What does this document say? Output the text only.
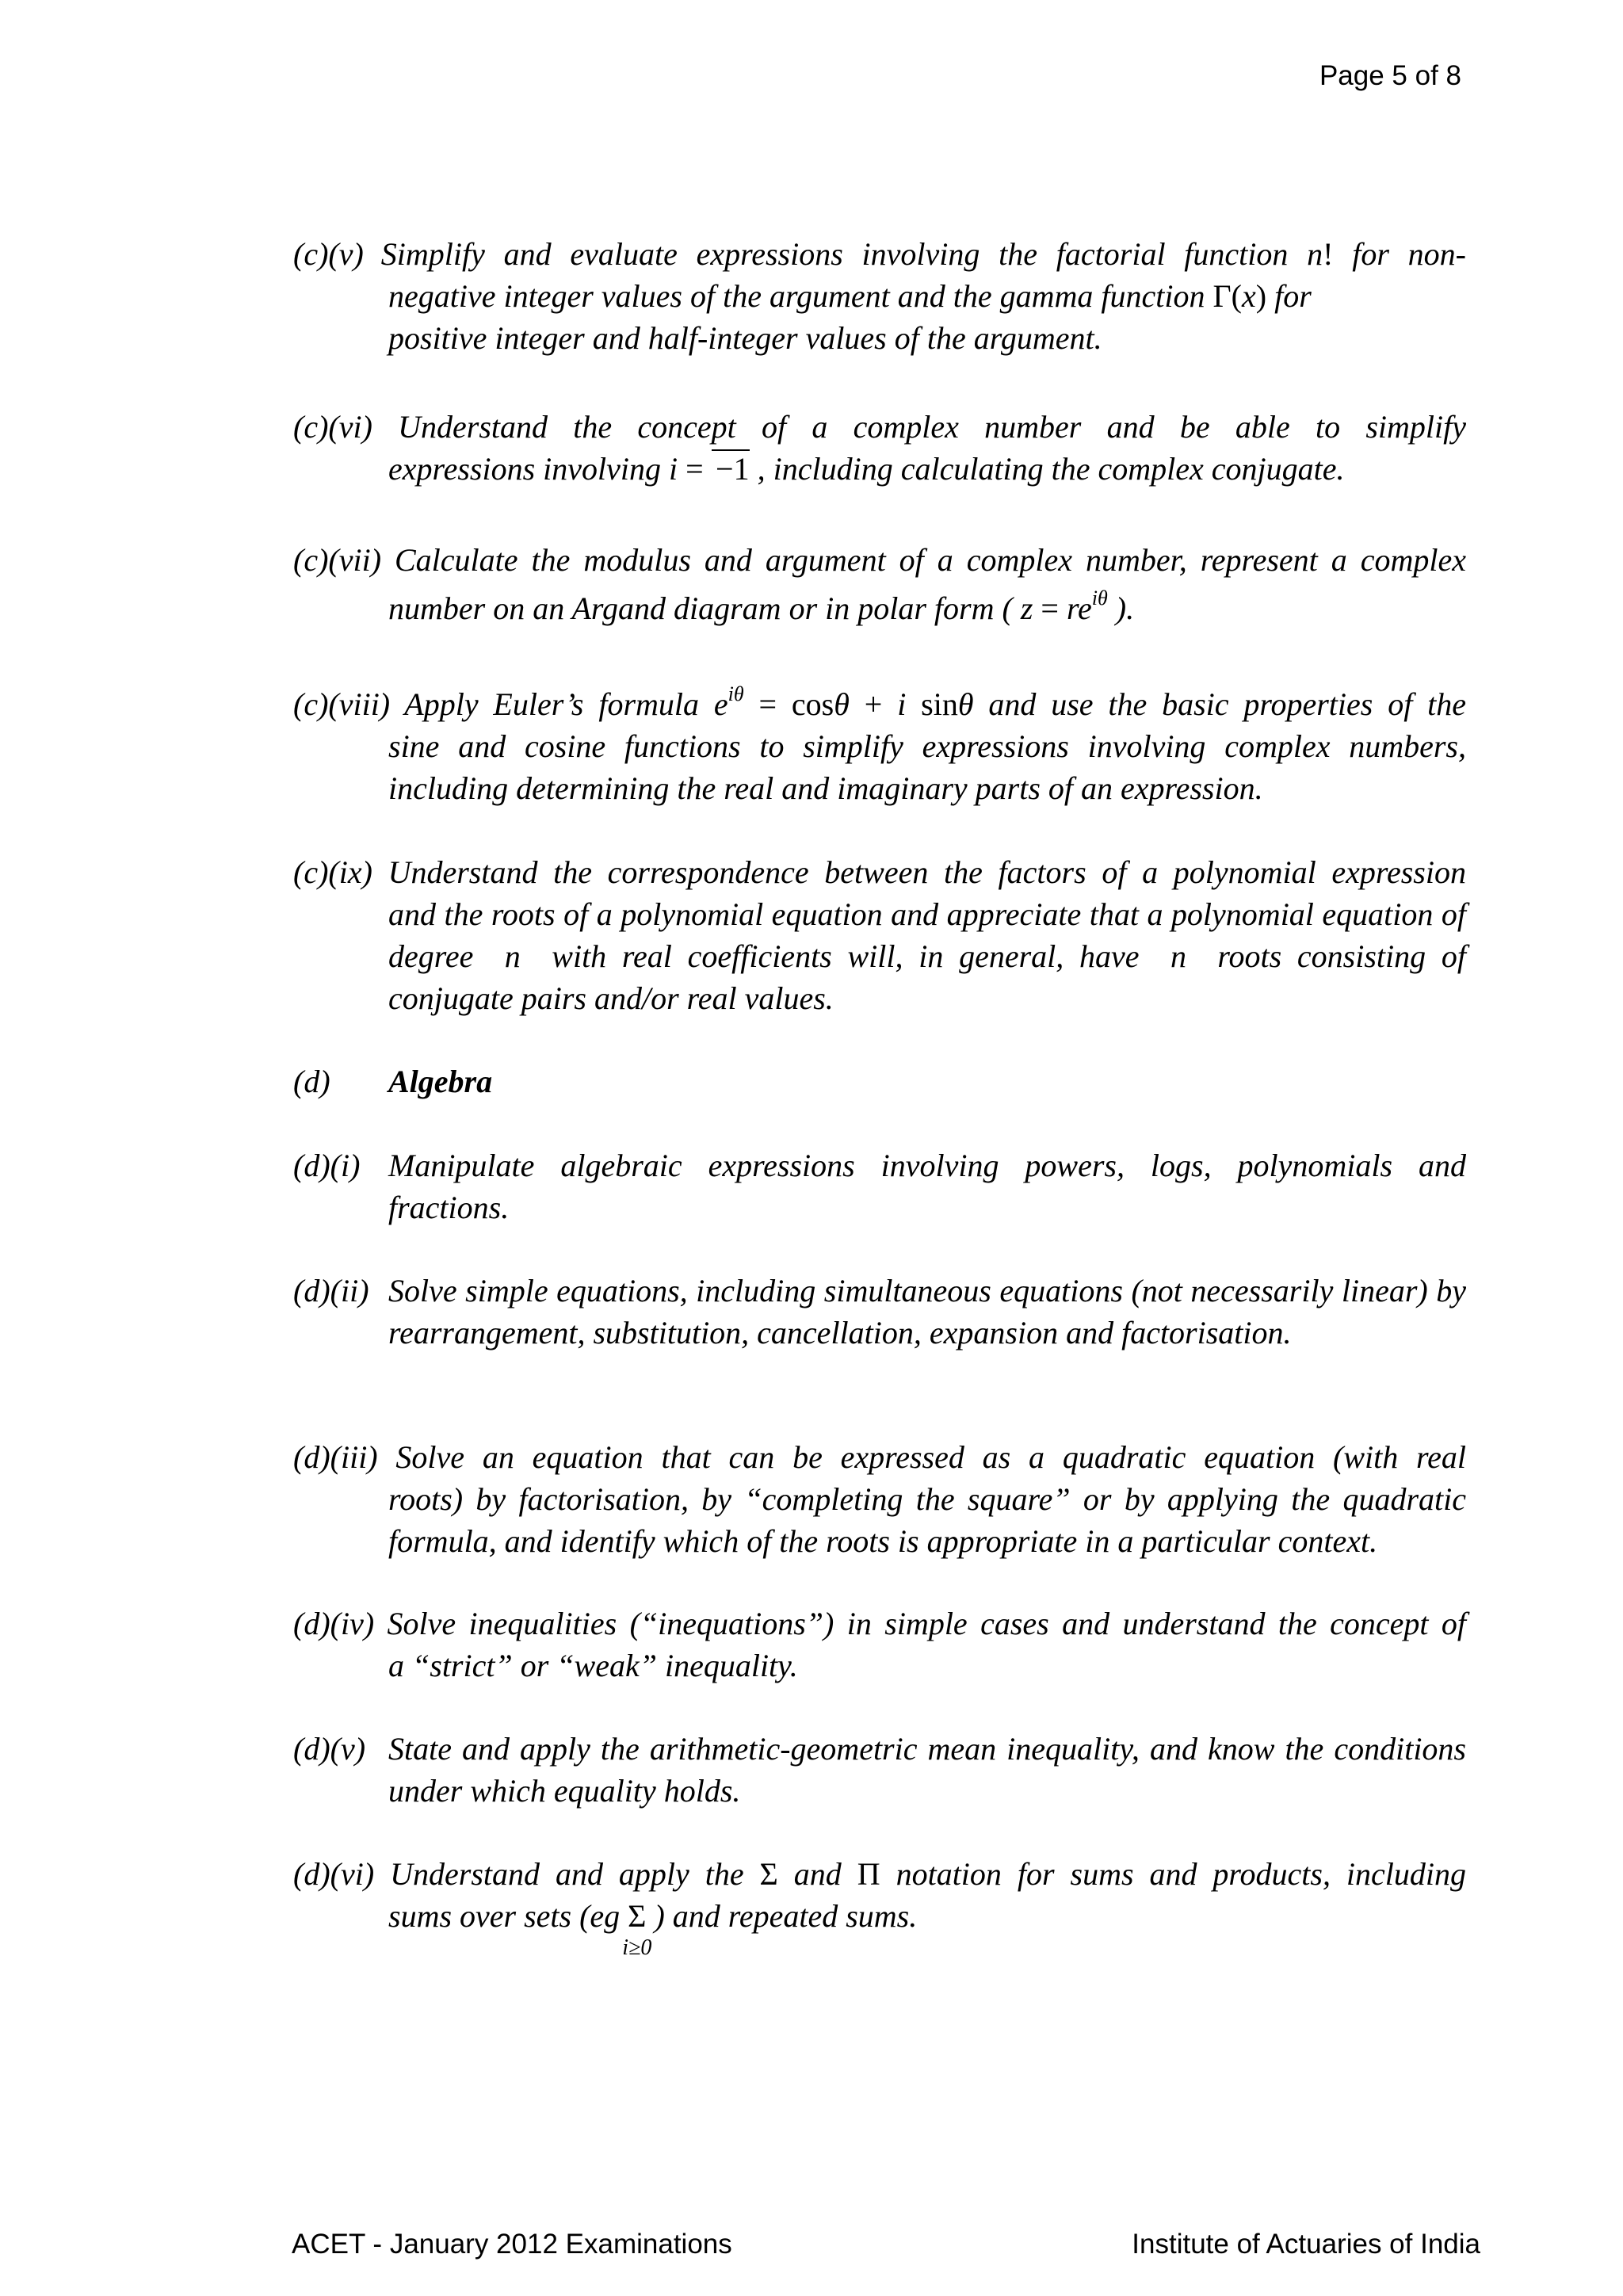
Page 5 of 8
(c)(v) Simplify and evaluate expressions involving the factorial function n! for non-
negative integer values of the argument and the gamma function Γ(x) for
positive integer and half-integer values of the argument.
(c)(vi) Understand the concept of a complex number and be able to simplify
expressions involving i =  −1 , including calculating the complex conjugate.
(c)(vii) Calculate the modulus and argument of a complex number, represent a complex
number on an Argand diagram or in polar form ( $z = re^{i\theta}$ ).
(c)(viii) Apply Euler’s formula $e^{i\theta} = \cos\theta + i$ sinθ and use the basic properties of the
sine and cosine functions to simplify expressions involving complex numbers, including determining the real and imaginary parts of an expression.
(c)(ix) Understand the correspondence between the factors of a polynomial expression
and the roots of a polynomial equation and appreciate that a polynomial equation of degree  n  with real coefficients will, in general, have  n  roots consisting of conjugate pairs and/or real values.
(d) Algebra
(d)(i) Manipulate algebraic expressions involving powers, logs, polynomials and fractions.
(d)(ii) Solve simple equations, including simultaneous equations (not necessarily linear) by rearrangement, substitution, cancellation, expansion and factorisation.
(d)(iii) Solve an equation that can be expressed as a quadratic equation (with real
roots) by factorisation, by “completing the square” or by applying the quadratic formula, and identify which of the roots is appropriate in a particular context.
(d)(iv) Solve inequalities (“inequations”) in simple cases and understand the concept of
a “strict” or “weak” inequality.
(d)(v) State and apply the arithmetic-geometric mean inequality, and know the conditions under which equality holds.
(d)(vi) Understand and apply the Σ and Π notation for sums and products, including
sums over sets (eg Σ
i≥0
) and repeated sums.
ACET - January 2012 Examinations	Institute of Actuaries of India
